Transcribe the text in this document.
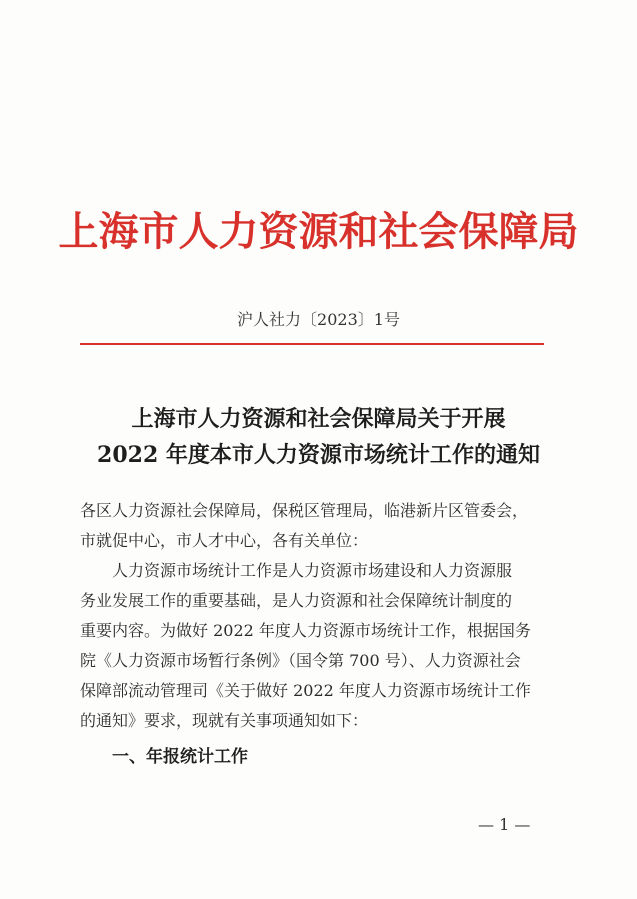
上海市人力资源和社会保障局
沪人社力〔2023〕1号
上海市人力资源和社会保障局关于开展
2022 年度本市人力资源市场统计工作的通知
各区人力资源社会保障局，保税区管理局，临港新片区管委会，
市就促中心，市人才中心，各有关单位：
　　人力资源市场统计工作是人力资源市场建设和人力资源服
务业发展工作的重要基础，是人力资源和社会保障统计制度的
重要内容。为做好 2022 年度人力资源市场统计工作，根据国务
院《人力资源市场暂行条例》（国令第 700 号）、人力资源社会
保障部流动管理司《关于做好 2022 年度人力资源市场统计工作
的通知》要求，现就有关事项通知如下：
一、年报统计工作
— 1 —
